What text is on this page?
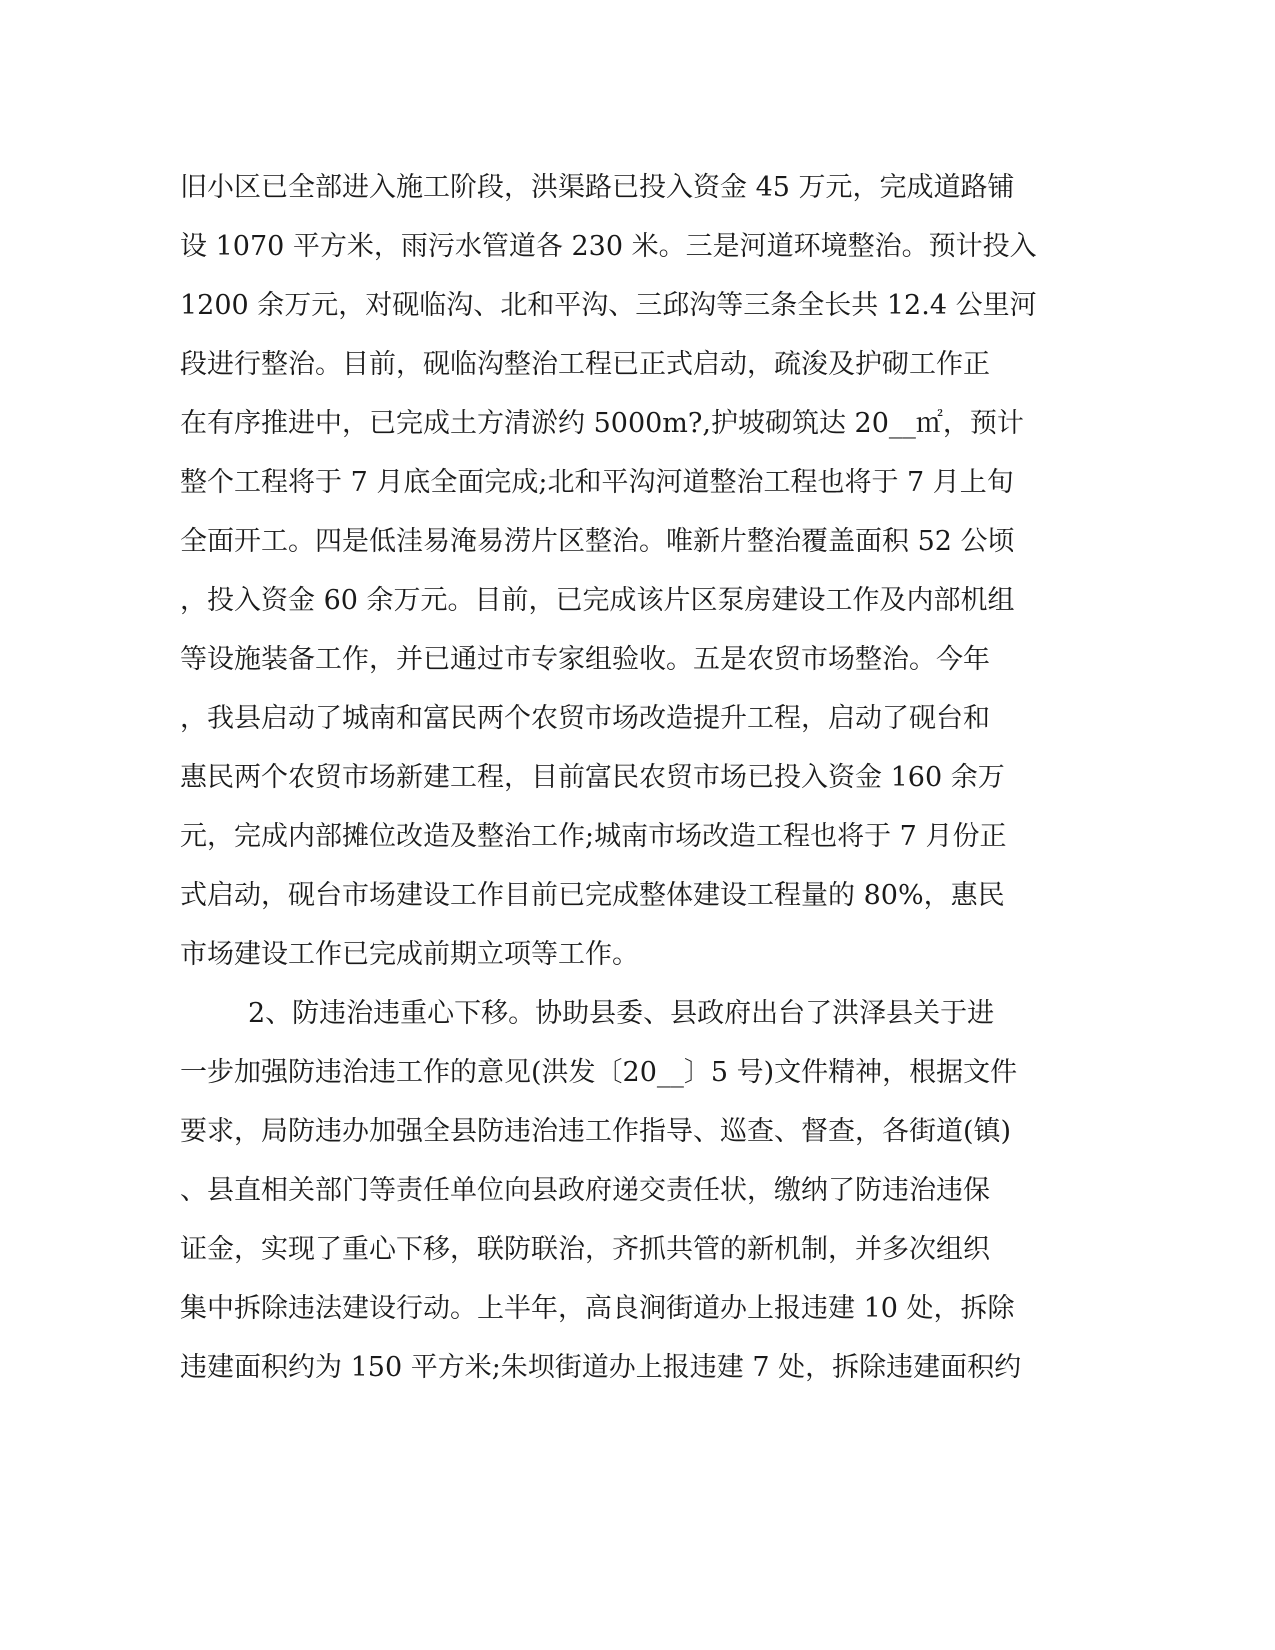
旧小区已全部进入施工阶段，洪渠路已投入资金 45 万元，完成道路铺
设 1070 平方米，雨污水管道各 230 米。三是河道环境整治。预计投入
1200 余万元，对砚临沟、北和平沟、三邱沟等三条全长共 12.4 公里河
段进行整治。目前，砚临沟整治工程已正式启动，疏浚及护砌工作正
在有序推进中，已完成土方清淤约 5000m?,护坡砌筑达 20__㎡，预计
整个工程将于 7 月底全面完成;北和平沟河道整治工程也将于 7 月上旬
全面开工。四是低洼易淹易涝片区整治。唯新片整治覆盖面积 52 公顷
，投入资金 60 余万元。目前，已完成该片区泵房建设工作及内部机组
等设施装备工作，并已通过市专家组验收。五是农贸市场整治。今年
，我县启动了城南和富民两个农贸市场改造提升工程，启动了砚台和
惠民两个农贸市场新建工程，目前富民农贸市场已投入资金 160 余万
元，完成内部摊位改造及整治工作;城南市场改造工程也将于 7 月份正
式启动，砚台市场建设工作目前已完成整体建设工程量的 80%，惠民
市场建设工作已完成前期立项等工作。
2、防违治违重心下移。协助县委、县政府出台了洪泽县关于进
一步加强防违治违工作的意见(洪发〔20__〕5 号)文件精神，根据文件
要求，局防违办加强全县防违治违工作指导、巡查、督查，各街道(镇)
、县直相关部门等责任单位向县政府递交责任状，缴纳了防违治违保
证金，实现了重心下移，联防联治，齐抓共管的新机制，并多次组织
集中拆除违法建设行动。上半年，高良涧街道办上报违建 10 处，拆除
违建面积约为 150 平方米;朱坝街道办上报违建 7 处，拆除违建面积约
